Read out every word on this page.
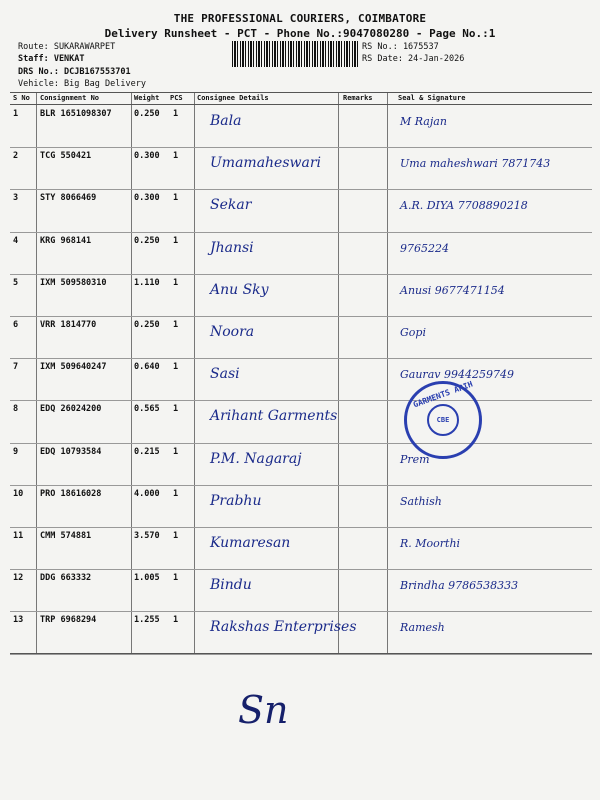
THE PROFESSIONAL COURIERS, COIMBATORE
Delivery Runsheet - PCT - Phone No.:9047080280 - Page No.:1
Route: SUKARAWARPET
Staff: VENKAT
DRS No.: DCJB167553701
Vehicle: Big Bag Delivery
RS No.: 1675537
RS Date: 24-Jan-2026
S No Consignment No	Weight PCS Consignee Details	Remarks	Seal & Signature
1	BLR 1651098307	0.250 1 Bala	M Rajan
2	TCG 550421	0.300 1 Umamaheswari	Uma maheshwari 7871743
3	STY 8066469	0.300 1 Sekar	A.R. DIYA 7708890218
4	KRG 968141	0.250 1 Jhansi	9765224
5	IXM 509580310	1.110 1 Anu Sky	Anusi 9677471154
6	VRR 1814770	0.250 1 Noora	Gopi
7	IXM 509640247	0.640 1 Sasi	Gaurav 9944259749
8	EDQ 26024200	0.565 1 Arihant Garments
9	EDQ 10793584	0.215 1 P.M. Nagaraj	Prem
10 PRO 18616028	4.000 1 Prabhu	Sathish
11 CMM 574881	3.570 1 Kumaresan	R. Moorthi
12 DDG 663332	1.005 1 Bindu	Brindha 9786538333
13 TRP 6968294	1.255 1 Rakshas Enterprises	Ramesh
GARMENTS ARIH
CBE
Sn
